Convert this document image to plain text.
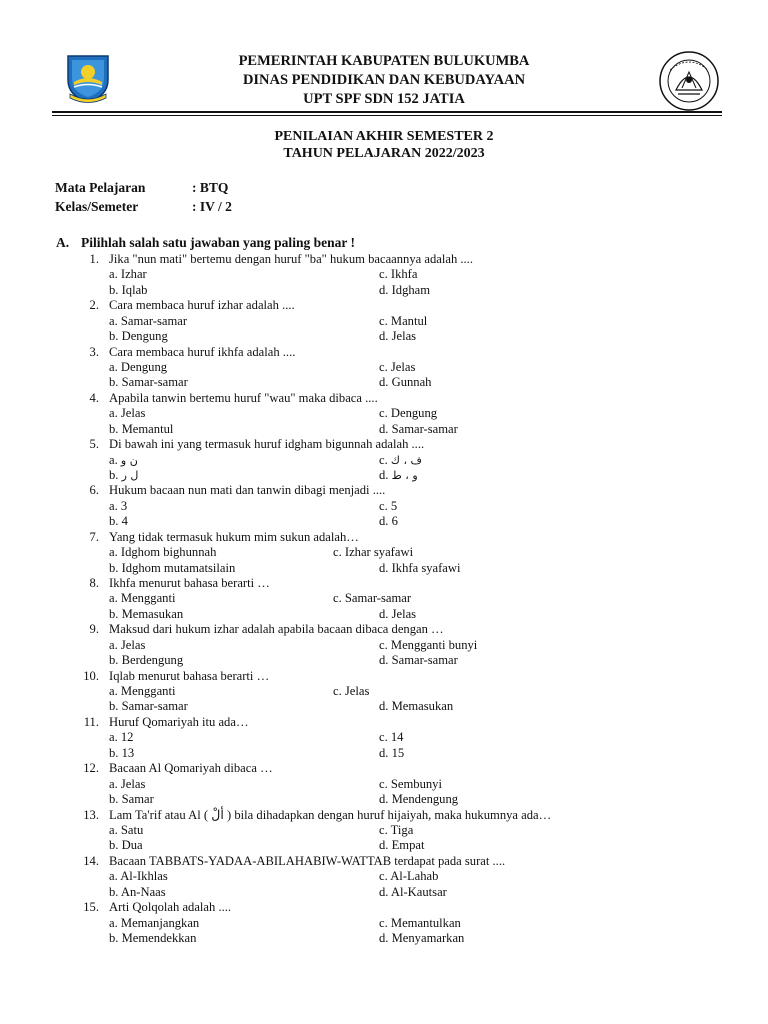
PEMERINTAH KABUPATEN BULUKUMBA
DINAS PENDIDIKAN DAN KEBUDAYAAN
UPT SPF SDN 152 JATIA
PENILAIAN AKHIR SEMESTER 2
TAHUN PELAJARAN 2022/2023
Mata Pelajaran	: BTQ
Kelas/Semeter	: IV / 2
A. Pilihlah salah satu jawaban yang paling benar !
1. Jika "nun mati" bertemu dengan huruf "ba" hukum bacaannya adalah ....
a. Izhar
b. Iqlab
c. Ikhfa
d. Idgham
2. Cara membaca huruf izhar adalah ....
a. Samar-samar
b. Dengung
c. Mantul
d. Jelas
3. Cara membaca huruf ikhfa adalah ....
a. Dengung
b. Samar-samar
c. Jelas
d. Gunnah
4. Apabila tanwin bertemu huruf "wau" maka dibaca ....
a. Jelas
b. Memantul
c. Dengung
d. Samar-samar
5. Di bawah ini yang termasuk huruf idgham bigunnah adalah ....
a. ن و
b. ل ر
c. ف ، ك
d. و ، ط
6. Hukum bacaan nun mati dan tanwin dibagi menjadi ....
a. 3
b. 4
c. 5
d. 6
7. Yang tidak termasuk hukum mim sukun adalah…
a. Idghom bighunnah
b. Idghom mutamatsilain
c. Izhar syafawi
d. Ikhfa syafawi
8. Ikhfa menurut bahasa berarti …
a. Mengganti
b. Memasukan
c. Samar-samar
d. Jelas
9. Maksud dari hukum izhar adalah apabila bacaan dibaca dengan …
a. Jelas
b. Berdengung
c. Mengganti bunyi
d. Samar-samar
10. Iqlab menurut bahasa berarti …
a. Mengganti
b. Samar-samar
c. Jelas
d. Memasukan
11. Huruf Qomariyah itu ada…
a. 12
b. 13
c. 14
d. 15
12. Bacaan Al Qomariyah dibaca …
a. Jelas
b. Samar
c. Sembunyi
d. Mendengung
13. Lam Ta'rif atau Al ( ألْ ) bila dihadapkan dengan huruf hijaiyah, maka hukumnya ada…
a. Satu
b. Dua
c. Tiga
d. Empat
14. Bacaan TABBATS-YADAA-ABILAHABIW-WATTAB terdapat pada surat ....
a. Al-Ikhlas
b. An-Naas
c. Al-Lahab
d. Al-Kautsar
15. Arti Qolqolah adalah ....
a. Memanjangkan
b. Memendekkan
c. Memantulkan
d. Menyamarkan
